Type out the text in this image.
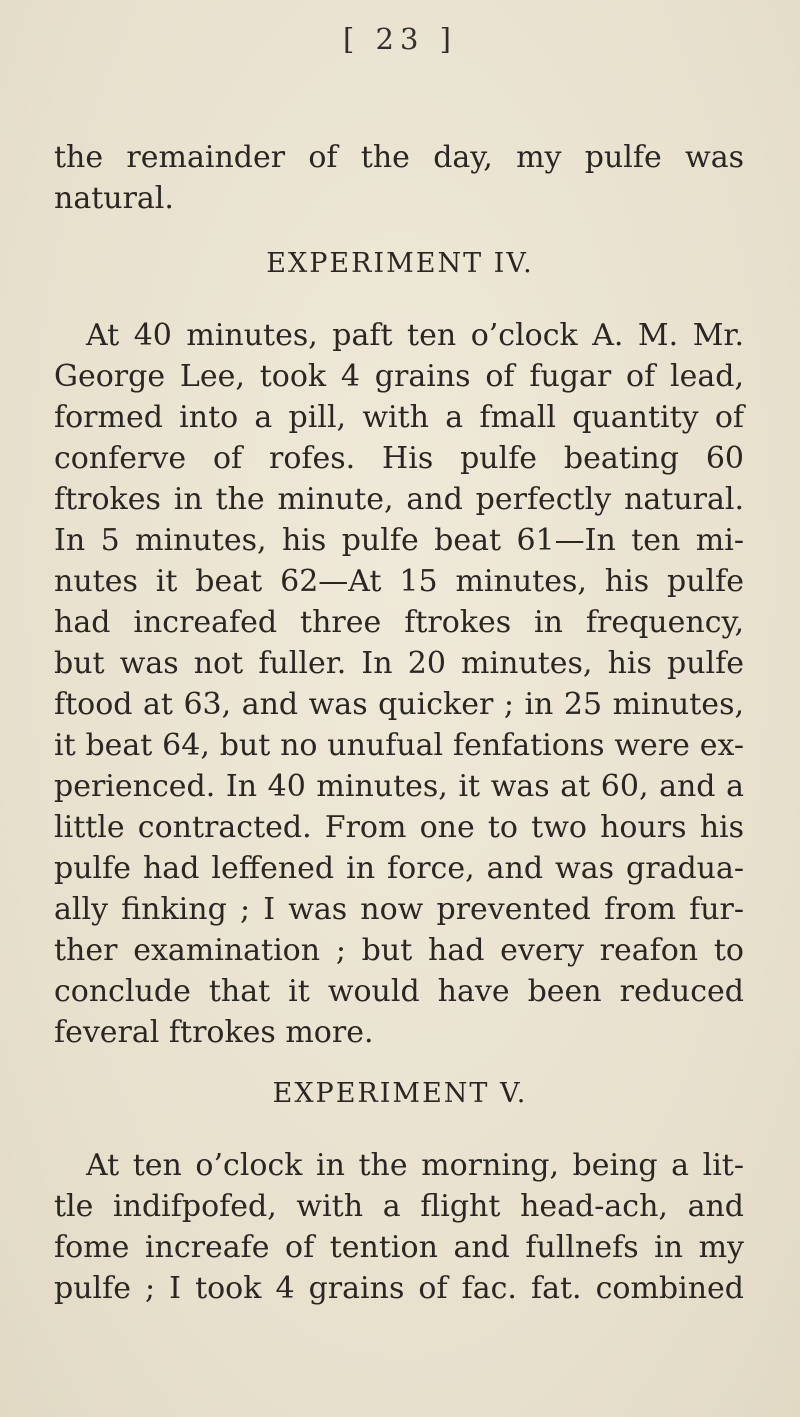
[ 23 ]
the remainder of the day, my pulfe was
natural.
EXPERIMENT IV.
At 40 minutes, paft ten o’clock A. M. Mr.
George Lee, took 4 grains of fugar of lead,
formed into a pill, with a fmall quantity of
conferve of rofes. His pulfe beating 60
ftrokes in the minute, and perfectly natural.
In 5 minutes, his pulfe beat 61—In ten mi-
nutes it beat 62—At 15 minutes, his pulfe
had increafed three ftrokes in frequency,
but was not fuller. In 20 minutes, his pulfe
ftood at 63, and was quicker ; in 25 minutes,
it beat 64, but no unufual fenfations were ex-
perienced. In 40 minutes, it was at 60, and a
little contracted. From one to two hours his
pulfe had leffened in force, and was gradua-
ally finking ; I was now prevented from fur-
ther examination ; but had every reafon to
conclude that it would have been reduced
feveral ftrokes more.
EXPERIMENT V.
At ten o’clock in the morning, being a lit-
tle indifpofed, with a flight head-ach, and
fome increafe of tention and fullnefs in my
pulfe ; I took 4 grains of fac. fat. combined
